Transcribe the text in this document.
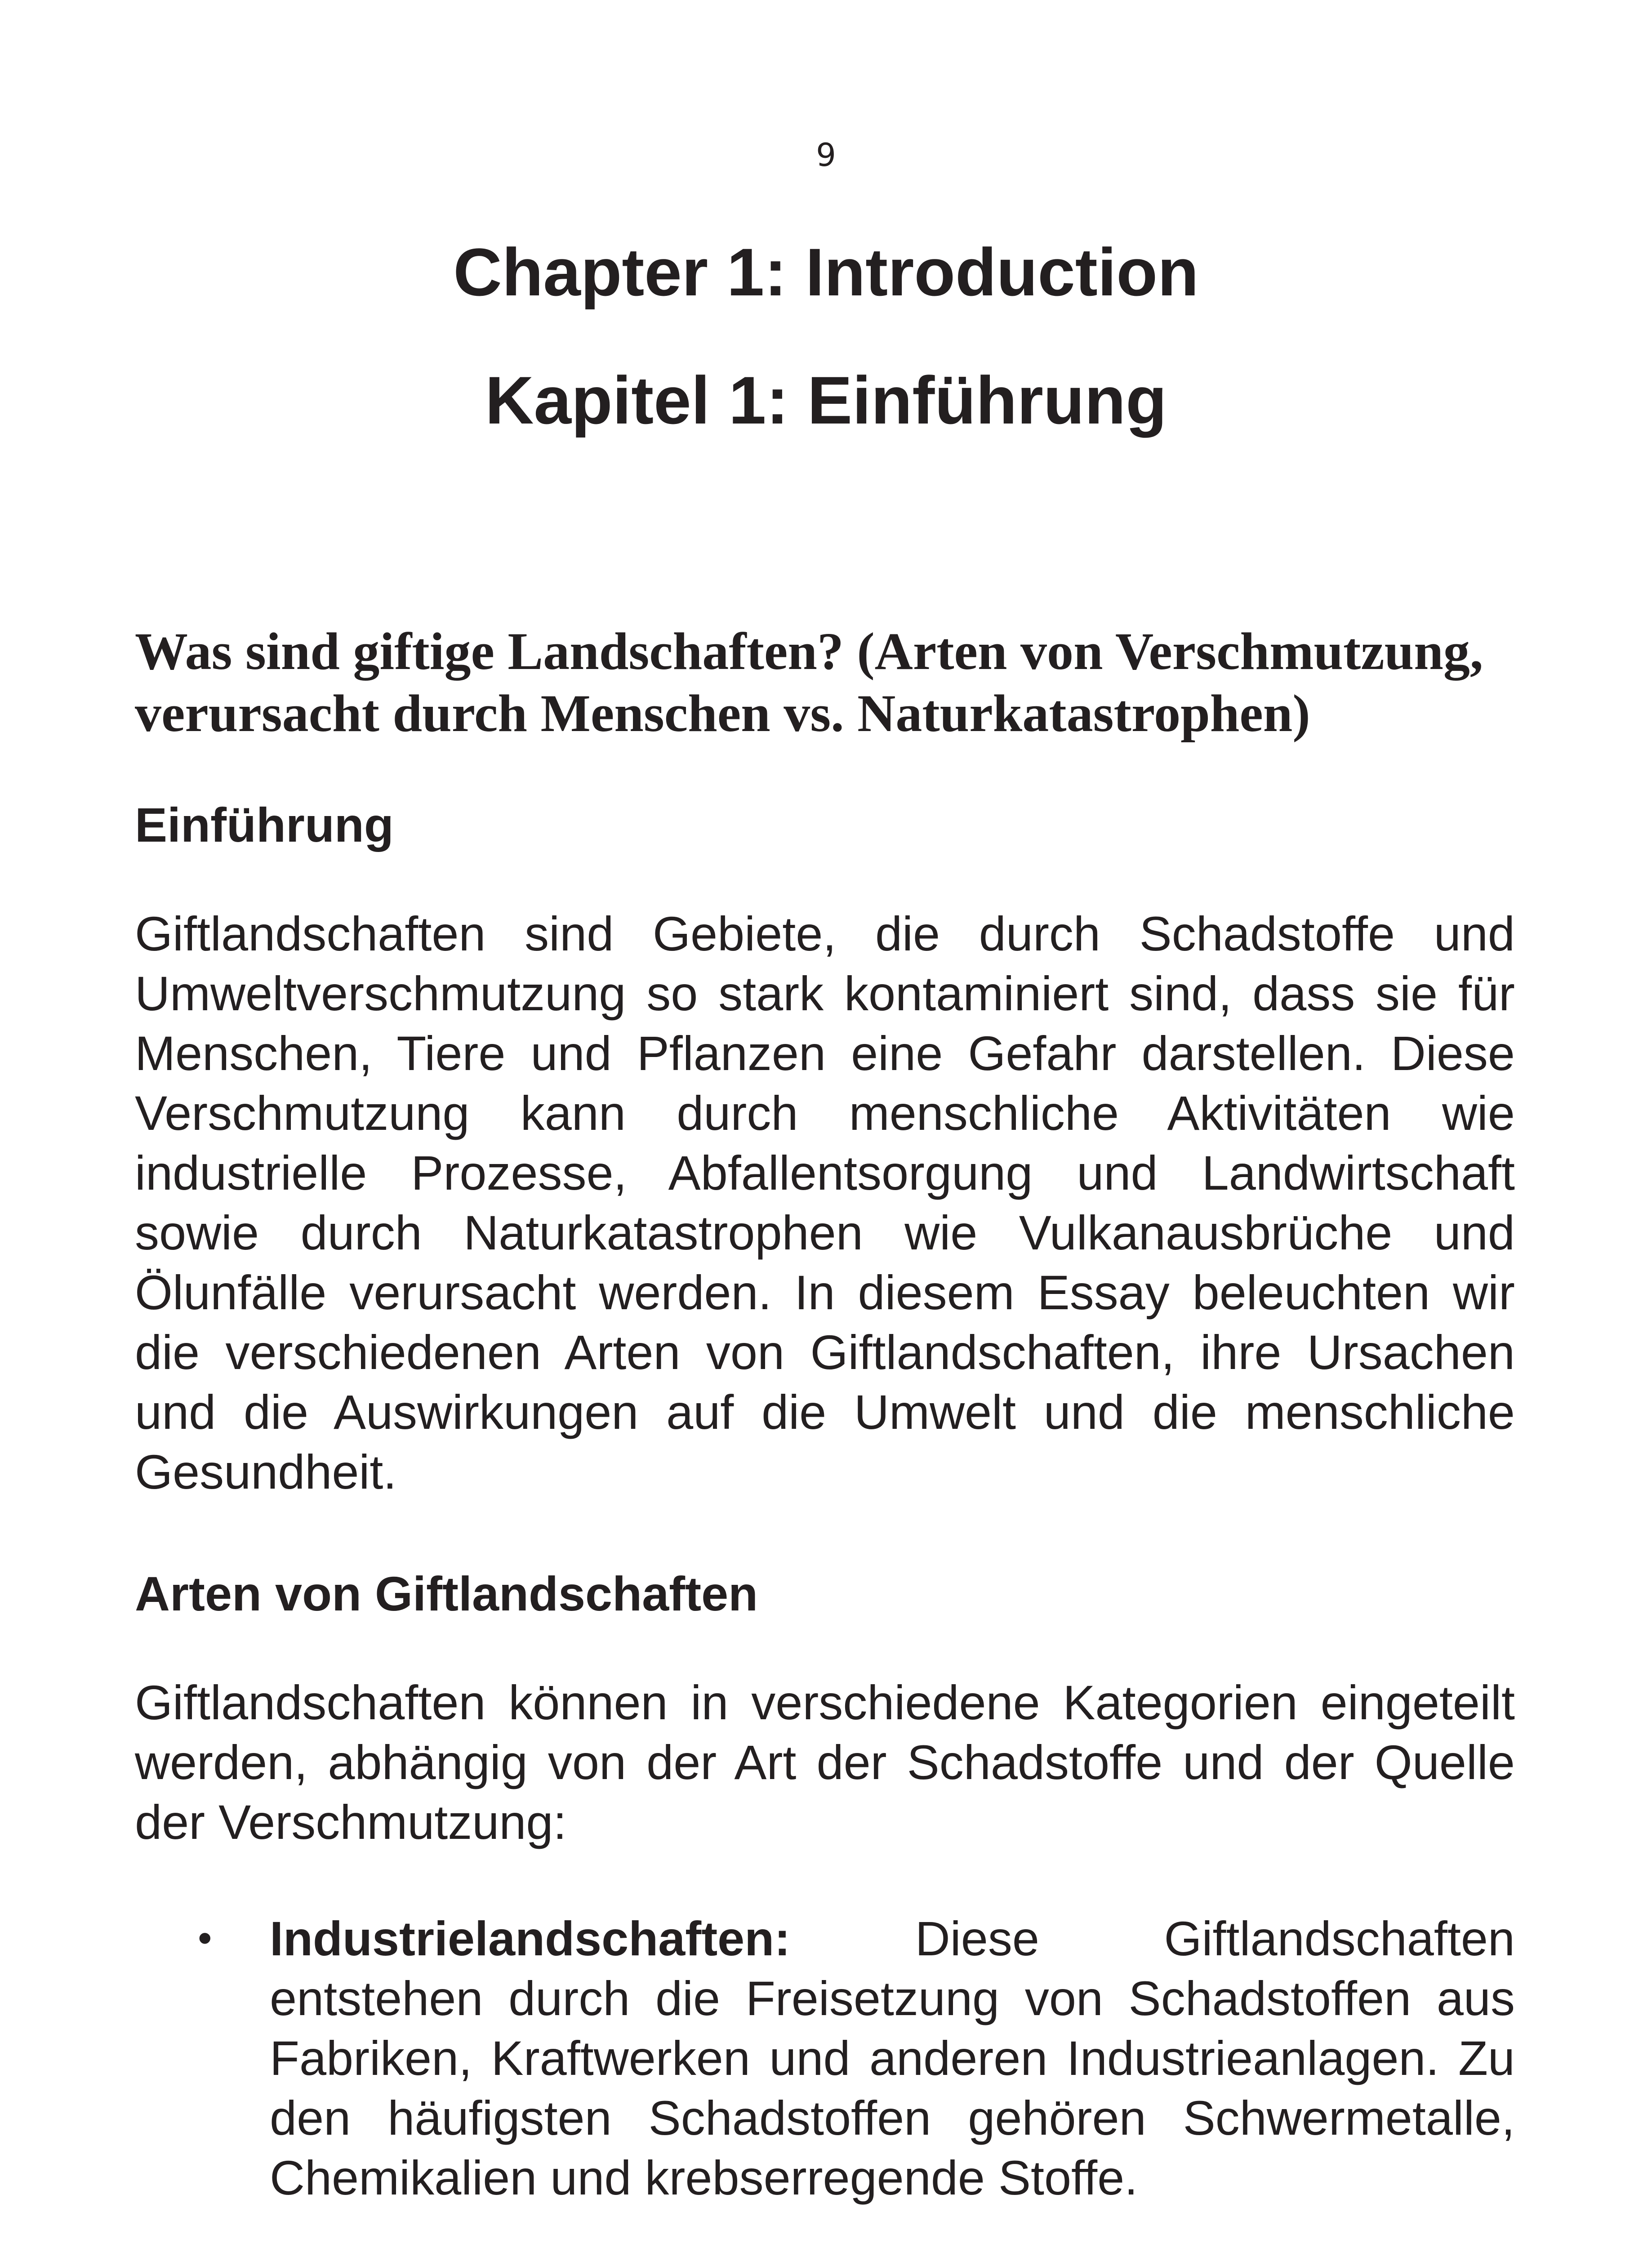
9
Chapter 1: Introduction
Kapitel 1: Einführung
Was sind giftige Landschaften? (Arten von Verschmutzung, verursacht durch Menschen vs. Naturkatastrophen)
Einführung

Giftlandschaften sind Gebiete, die durch Schadstoffe und Umweltverschmutzung so stark kontaminiert sind, dass sie für Menschen, Tiere und Pflanzen eine Gefahr darstellen. Diese Verschmutzung kann durch menschliche Aktivitäten wie industrielle Prozesse, Abfallentsorgung und Landwirtschaft sowie durch Naturkatastrophen wie Vulkanausbrüche und Ölunfälle verursacht werden. In diesem Essay beleuchten wir die verschiedenen Arten von Giftlandschaften, ihre Ursachen und die Auswirkungen auf die Umwelt und die menschliche Gesundheit.

Arten von Giftlandschaften

Giftlandschaften können in verschiedene Kategorien eingeteilt werden, abhängig von der Art der Schadstoffe und der Quelle der Verschmutzung:

• Industrielandschaften: Diese Giftlandschaften entstehen durch die Freisetzung von Schadstoffen aus Fabriken, Kraftwerken und anderen Industrieanlagen. Zu den häufigsten Schadstoffen gehören Schwermetalle, Chemikalien und krebserregende Stoffe.
